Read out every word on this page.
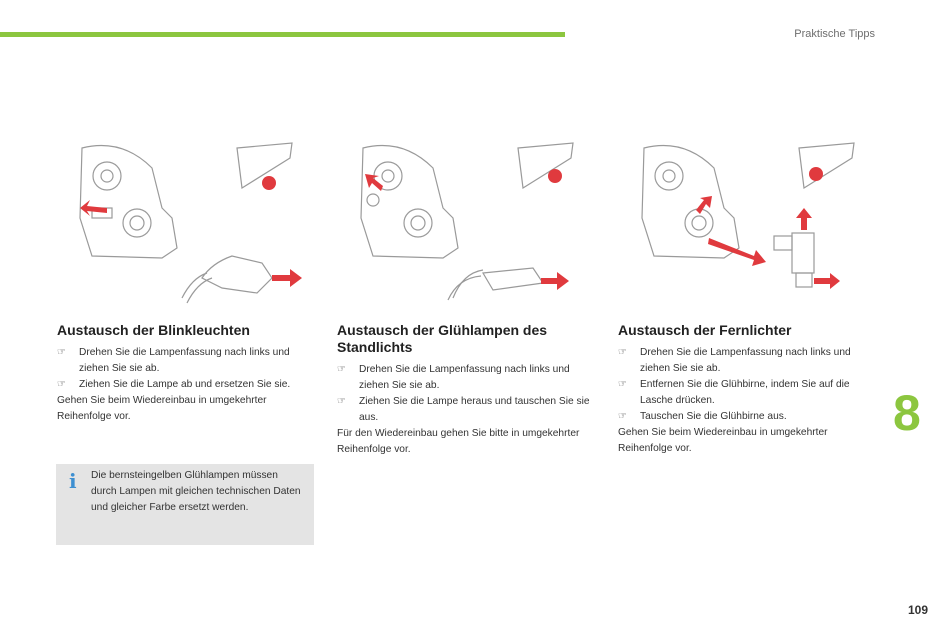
Praktische Tipps
Austausch der Blinkleuchten
☞ Drehen Sie die Lampenfassung nach links und ziehen Sie sie ab.
☞ Ziehen Sie die Lampe ab und ersetzen Sie sie.

Gehen Sie beim Wiedereinbau in umgekehrter Reihenfolge vor.

Austausch der Glühlampen des Standlichts
☞ Drehen Sie die Lampenfassung nach links und ziehen Sie sie ab.
☞ Ziehen Sie die Lampe heraus und tauschen Sie sie aus.

Für den Wiedereinbau gehen Sie bitte in umgekehrter Reihenfolge vor.

Austausch der Fernlichter
☞ Drehen Sie die Lampenfassung nach links und ziehen Sie sie ab.
☞ Entfernen Sie die Glühbirne, indem Sie auf die Lasche drücken.
☞ Tauschen Sie die Glühbirne aus.

Gehen Sie beim Wiedereinbau in umgekehrter Reihenfolge vor.

i Die bernsteingelben Glühlampen müssen durch Lampen mit gleichen technischen Daten und gleicher Farbe ersetzt werden.

8
109
